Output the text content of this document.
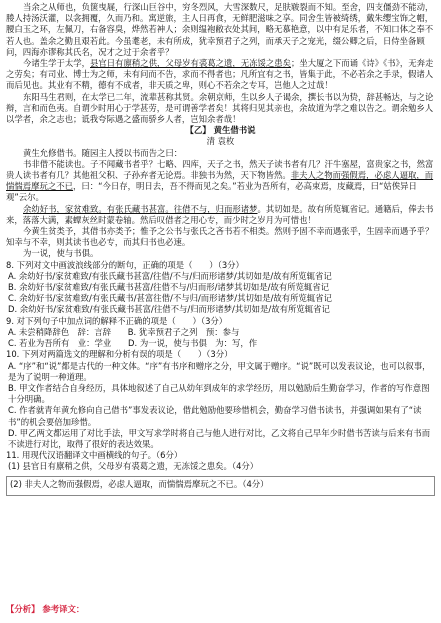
当余之从师也，负箧曳屣，行深山巨谷中，穷冬烈风，大雪深数尺，足肤皲裂而不知。至舍，四支僵劲不能动，媵人持汤沃灌，以衾拥覆，久而乃和。寓逆旅，主人日再食，无鲜肥滋味之享。同舍生皆被绮绣，戴朱缨宝饰之帽，腰白玉之环，左佩刀，右备容臭，烨然若神人；余则缊袍敝衣处其间，略无慕艳意，以中有足乐者，不知口体之奉不若人也。盖余之勤且艰若此。今虽耄老，未有所成，犹幸预君子之列，而承天子之宠光，缀公卿之后，日侍坐备顾问，四海亦谬称其氏名，况才之过于余者乎？

今诸生学于太学，县官日有廪稍之供，父母岁有裘葛之遗，无冻馁之患矣；坐大厦之下而诵《诗》《书》，无奔走之劳矣；有司业、博士为之师，未有问而不告，求而不得者也；凡所宜有之书，皆集于此，不必若余之手录，假诸人而后见也。其业有不精，德有不成者，非天质之卑，则心不若余之专耳，岂他人之过哉！

东阳马生君则，在太学已二年，流辈甚称其贤。余朝京师，生以乡人子谒余，撰长书以为贽，辞甚畅达，与之论辩，言和而色夷。自谓少时用心于学甚劳，是可谓善学者矣！其将归见其亲也，余故道为学之难以告之。谓余勉乡人以学者，余之志也；诋我夸际遇之盛而骄乡人者，岂知余者哉！

【乙】 黄生借书说

清 袁枚

黄生允修借书。随园主人授以书而告之曰：

书非借不能读也。子不闻藏书者乎？七略、四库，天子之书，然天子读书者有几？汗牛塞屋，富贵家之书，然富贵人读书者有几？其他祖父积、子孙弃者无论焉。非独书为然，天下物皆然。非夫人之物而强假焉，必虑人逼取，而惴惴焉摩玩之不已，曰：“今日存，明日去，吾不得而见之矣。”若业为吾所有，必高束焉，庋藏焉，曰“姑俟异日观”云尔。

余幼好书，家贫难致。有张氏藏书甚富。往借不与，归而形诸梦。其切如是。故有所览辄省记。通籍后，俸去书来，落落大满，素蟫灰丝时蒙卷轴。然后叹借者之用心专，而少时之岁月为可惜也！

今黄生贫类予，其借书亦类予；惟予之公书与张氏之吝书若不相类。然则予固不幸而遇张乎，生固幸而遇予乎？知幸与不幸，则其读书也必专，而其归书也必速。

为一说，使与书俱。

8. 下列对文中画波浪线部分的断句，正确的项是（　　）（3分）

A. 余幼好书/家贫难致/有张氏藏书甚富/往借/不与/归而形诸梦/其切如是/故有所览辄省记

B. 余幼好书/家贫难致/有张氏藏书甚富/往借不与/归而形/诸梦其切如是/故有所览辄省记

C. 余幼好书/家贫难致/有张氏藏书/甚富往借/不与归/而形诸梦/其切如是/故有所览辄省记

D. 余幼好书/家贫难致/有张氏藏书甚富/往借不与/归而形诸梦/其切如是/故有所览辄省记

9. 对下列句子中加点词的解释不正确的项是（　　）（3分）

A. 未尝稍降辞色　辞：言辞　　 B. 犹幸预君子之列　预：参与

C. 若业为吾所有　业：学业　　 D. 为一说，使与书俱　为：写，作

10. 下列对两篇选文的理解和分析有误的项是（　　）（3分）

A. “序”和“说”都是古代的一种文体。“序”有书序和赠序之分，甲文属于赠序。“说”既可以发表议论，也可以叙事，是为了说明一种道理。

B. 甲文作者结合自身经历，具体地叙述了自己从幼年到成年的求学经历，用以勉励后生勤奋学习，作者的写作意图十分明确。

C. 作者就青年黄允修向自己借书”事发表议论，借此勉励他要珍惜机会，勤奋学习借书读书，并强调如果有了“读书”的机会要倍加珍惜。

D. 甲乙两文都运用了对比手法，甲文写求学时将自己与他人进行对比，乙文将自己早年少时借书苦读与后来有书而不读进行对比，取得了很好的表达效果。

11. 用现代汉语翻译文中画横线的句子。（6分）

(1) 县官日有廪稍之供，父母岁有裘葛之遗，无冻馁之患矣。（4分）

(2) 非夫人之物而强假焉，必虑人逼取，而惴惴焉摩玩之不已。（4分）

【分析】 参考译文：
